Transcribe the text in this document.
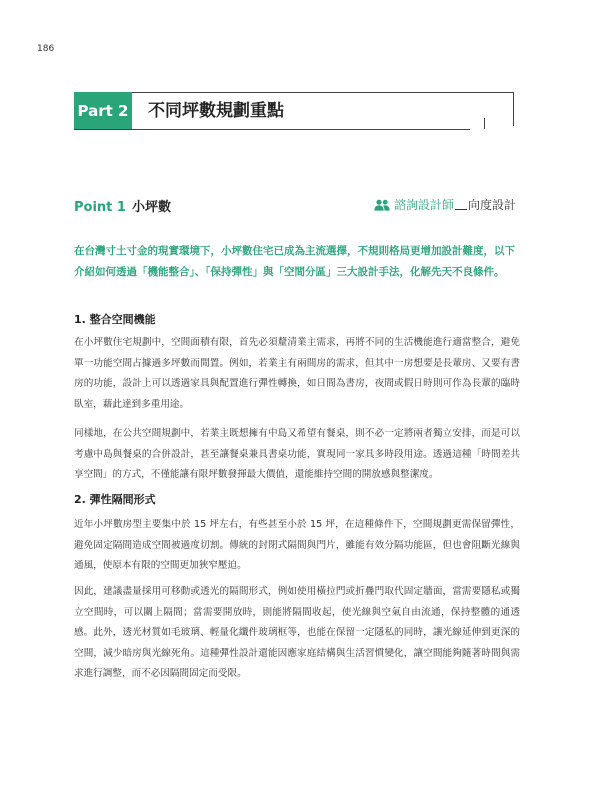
186
Part 2 不同坪數規劃重點
Point 1 小坪數	諮詢設計師 向度設計

在台灣寸土寸金的現實環境下，小坪數住宅已成為主流選擇，不規則格局更增加設計難度，以下介紹如何透過「機能整合」、「保持彈性」與「空間分區」三大設計手法，化解先天不良條件。

1. 整合空間機能

在小坪數住宅規劃中，空間面積有限，首先必須釐清業主需求，再將不同的生活機能進行適當整合，避免單一功能空間占據過多坪數而閒置。例如，若業主有兩間房的需求，但其中一房想要是長輩房、又要有書房的功能，設計上可以透過家具與配置進行彈性轉換，如日間為書房，夜間或假日時則可作為長輩的臨時臥室，藉此達到多重用途。

同樣地，在公共空間規劃中，若業主既想擁有中島又希望有餐桌，則不必一定將兩者獨立安排，而是可以考慮中島與餐桌的合併設計，甚至讓餐桌兼具書桌功能，實現同一家具多時段用途。透過這種「時間差共享空間」的方式，不僅能讓有限坪數發揮最大價值，還能維持空間的開放感與整潔度。

2. 彈性隔間形式

近年小坪數房型主要集中於 15 坪左右，有些甚至小於 15 坪，在這種條件下，空間規劃更需保留彈性，避免固定隔間造成空間被過度切割。傳統的封閉式隔間與門片，雖能有效分隔功能區，但也會阻斷光線與通風，使原本有限的空間更加狹窄壓迫。

因此，建議盡量採用可移動或透光的隔間形式，例如使用橫拉門或折疊門取代固定牆面，當需要隱私或獨立空間時，可以關上隔間；當需要開放時，則能將隔間收起，使光線與空氣自由流通，保持整體的通透感。此外，透光材質如毛玻璃、輕量化纖件玻璃框等，也能在保留一定隱私的同時，讓光線延伸到更深的空間，減少暗房與光線死角。這種彈性設計還能因應家庭結構與生活習慣變化，讓空間能夠隨著時間與需求進行調整，而不必因隔間固定而受限。
